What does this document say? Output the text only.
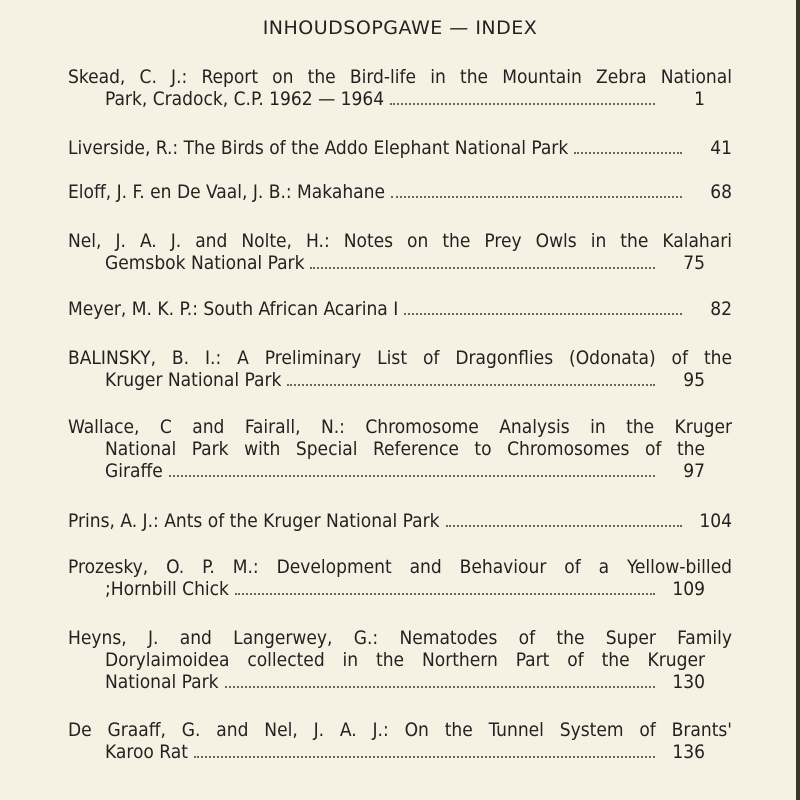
INHOUDSOPGAWE — INDEX
Skead, C. J.: Report on the Bird-life in the Mountain Zebra National
Park, Cradock, C.P. 1962 — 1964	1
Liverside, R.: The Birds of the Addo Elephant National Park	41
Eloff, J. F. en De Vaal, J. B.: Makahane	68
Nel, J. A. J. and Nolte, H.: Notes on the Prey Owls in the Kalahari
Gemsbok National Park	75
Meyer, M. K. P.: South African Acarina I	82
BALINSKY, B. I.: A Preliminary List of Dragonflies (Odonata) of the
Kruger National Park	95
Wallace, C and Fairall, N.: Chromosome Analysis in the Kruger
National Park with Special Reference to Chromosomes of the
Giraffe	97
Prins, A. J.: Ants of the Kruger National Park	104
Prozesky, O. P. M.: Development and Behaviour of a Yellow-billed
;Hornbill Chick	109
Heyns, J. and Langerwey, G.: Nematodes of the Super Family
Dorylaimoidea collected in the Northern Part of the Kruger
National Park	130
De Graaff, G. and Nel, J. A. J.: On the Tunnel System of Brants'
Karoo Rat	136
